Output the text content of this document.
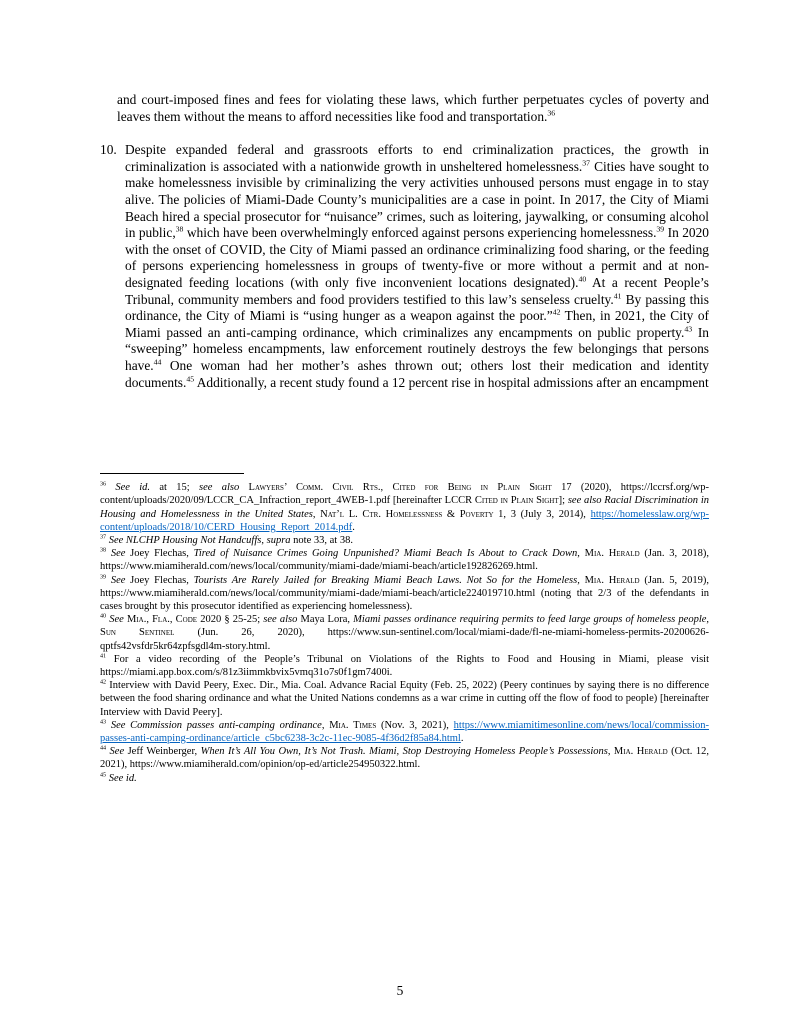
and court-imposed fines and fees for violating these laws, which further perpetuates cycles of poverty and leaves them without the means to afford necessities like food and transportation.$^{36}$

10. Despite expanded federal and grassroots efforts to end criminalization practices, the growth in criminalization is associated with a nationwide growth in unsheltered homelessness.$^{37}$ Cities have sought to make homelessness invisible by criminalizing the very activities unhoused persons must engage in to stay alive. The policies of Miami-Dade County’s municipalities are a case in point. In 2017, the City of Miami Beach hired a special prosecutor for “nuisance” crimes, such as loitering, jaywalking, or consuming alcohol in public,$^{38}$ which have been overwhelmingly enforced against persons experiencing homelessness.$^{39}$ In 2020 with the onset of COVID, the City of Miami passed an ordinance criminalizing food sharing, or the feeding of persons experiencing homelessness in groups of twenty-five or more without a permit and at non-designated feeding locations (with only five inconvenient locations designated).$^{40}$ At a recent People’s Tribunal, community members and food providers testified to this law’s senseless cruelty.$^{41}$ By passing this ordinance, the City of Miami is “using hunger as a weapon against the poor.”$^{42}$ Then, in 2021, the City of Miami passed an anti-camping ordinance, which criminalizes any encampments on public property.$^{43}$ In “sweeping” homeless encampments, law enforcement routinely destroys the few belongings that persons have.$^{44}$ One woman had her mother’s ashes thrown out; others lost their medication and identity documents.$^{45}$ Additionally, a recent study found a 12 percent rise in hospital admissions after an encampment

$^{36}$ See id. at 15; see also Lawyers’ Comm. Civil Rts., Cited for Being in Plain Sight 17 (2020), https://lccrsf.org/wp-content/uploads/2020/09/LCCR_CA_Infraction_report_4WEB-1.pdf [hereinafter LCCR Cited in Plain Sight]; see also Racial Discrimination in Housing and Homelessness in the United States, Nat’l L. Ctr. Homelessness & Poverty 1, 3 (July 3, 2014), https://homelesslaw.org/wp-content/uploads/2018/10/CERD_Housing_Report_2014.pdf.

$^{37}$ See NLCHP Housing Not Handcuffs, supra note 33, at 38.

$^{38}$ See Joey Flechas, Tired of Nuisance Crimes Going Unpunished? Miami Beach Is About to Crack Down, Mia. Herald (Jan. 3, 2018), https://www.miamiherald.com/news/local/community/miami-dade/miami-beach/article192826269.html.

$^{39}$ See Joey Flechas, Tourists Are Rarely Jailed for Breaking Miami Beach Laws. Not So for the Homeless, Mia. Herald (Jan. 5, 2019), https://www.miamiherald.com/news/local/community/miami-dade/miami-beach/article224019710.html (noting that 2/3 of the defendants in cases brought by this prosecutor identified as experiencing homelessness).

$^{40}$ See Mia., Fla., Code 2020 § 25-25; see also Maya Lora, Miami passes ordinance requiring permits to feed large groups of homeless people, Sun Sentinel (Jun. 26, 2020), https://www.sun-sentinel.com/local/miami-dade/fl-ne-miami-homeless-permits-20200626-qptfs42vsfdr5kr64zpfsgdl4m-story.html.

$^{41}$ For a video recording of the People’s Tribunal on Violations of the Rights to Food and Housing in Miami, please visit https://miami.app.box.com/s/81z3iimmkbvix5vmq31o7s0f1gm7400i.

$^{42}$ Interview with David Peery, Exec. Dir., Mia. Coal. Advance Racial Equity (Feb. 25, 2022) (Peery continues by saying there is no difference between the food sharing ordinance and what the United Nations condemns as a war crime in cutting off the flow of food to people) [hereinafter Interview with David Peery].

$^{43}$ See Commission passes anti-camping ordinance, Mia. Times (Nov. 3, 2021), https://www.miamitimesonline.com/news/local/commission-passes-anti-camping-ordinance/article_c5bc6238-3c2c-11ec-9085-4f36d2f85a84.html.

$^{44}$ See Jeff Weinberger, When It’s All You Own, It’s Not Trash. Miami, Stop Destroying Homeless People’s Possessions, Mia. Herald (Oct. 12, 2021), https://www.miamiherald.com/opinion/op-ed/article254950322.html.

$^{45}$ See id.

5
